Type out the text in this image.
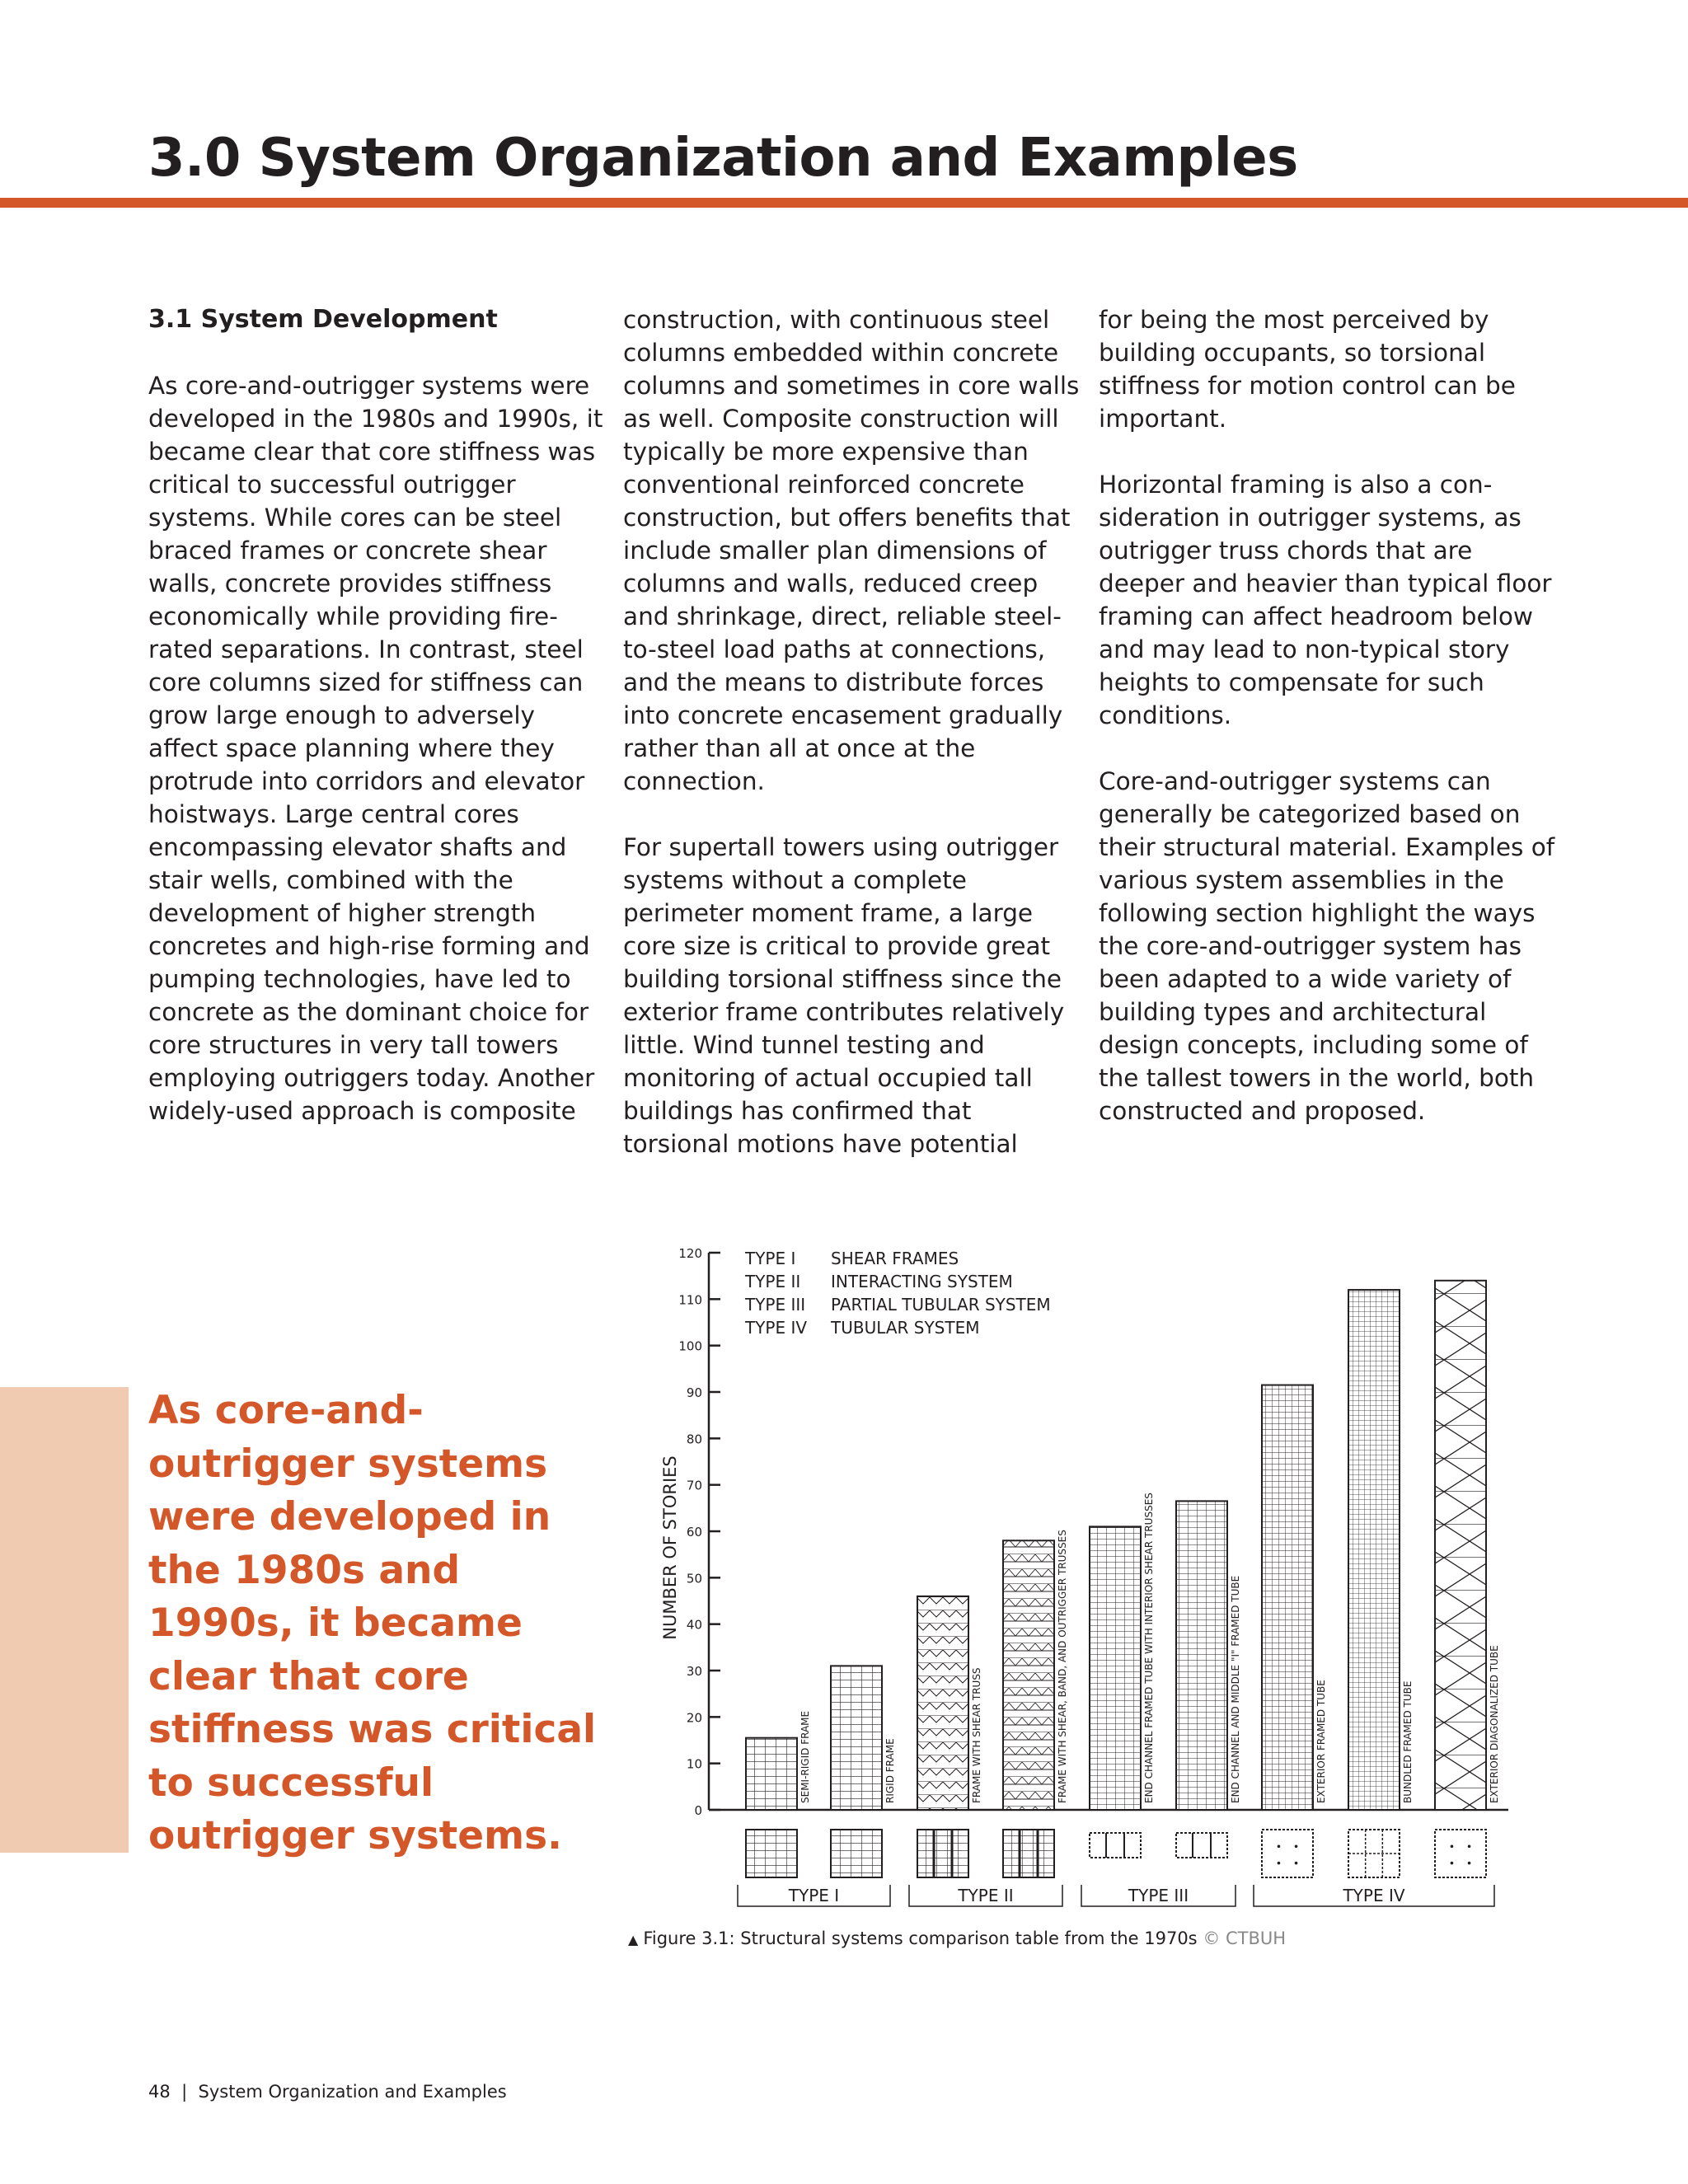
3.0 System Organization and Examples
3.1 System Development

As core-and-outrigger systems were developed in the 1980s and 1990s, it became clear that core stiffness was critical to successful outrigger systems. While cores can be steel braced frames or concrete shear walls, concrete provides stiffness economically while providing fire-rated separations. In contrast, steel core columns sized for stiffness can grow large enough to adversely affect space planning where they protrude into corridors and elevator hoistways. Large central cores encompassing elevator shafts and stair wells, combined with the development of higher strength concretes and high-rise forming and pumping technologies, have led to concrete as the dominant choice for core structures in very tall towers employing outriggers today. Another widely-used approach is composite

construction, with continuous steel columns embedded within concrete columns and sometimes in core walls as well. Composite construction will typically be more expensive than conventional reinforced concrete construction, but offers benefits that include smaller plan dimensions of columns and walls, reduced creep and shrinkage, direct, reliable steel-to-steel load paths at connections, and the means to distribute forces into concrete encasement gradually rather than all at once at the connection.

For supertall towers using outrigger systems without a complete perimeter moment frame, a large core size is critical to provide great building torsional stiffness since the exterior frame contributes relatively little. Wind tunnel testing and monitoring of actual occupied tall buildings has confirmed that torsional motions have potential

for being the most perceived by building occupants, so torsional stiffness for motion control can be important.

Horizontal framing is also a consideration in outrigger systems, as outrigger truss chords that are deeper and heavier than typical floor framing can affect headroom below and may lead to non-typical story heights to compensate for such conditions.

Core-and-outrigger systems can generally be categorized based on their structural material. Examples of various system assemblies in the following section highlight the ways the core-and-outrigger system has been adapted to a wide variety of building types and architectural design concepts, including some of the tallest towers in the world, both constructed and proposed.

As core-and-outrigger systems were developed in the 1980s and 1990s, it became clear that core stiffness was critical to successful outrigger systems.
TYPE I SHEAR FRAMES
TYPE II INTERACTING SYSTEM
TYPE III PARTIAL TUBULAR SYSTEM
TYPE IV TUBULAR SYSTEM
0
10
20
30
40
50
60
70
80
90
100
110
120
NUMBER OF STORIES
SEMI-RIGID FRAME	RIGID FRAME	FRAME WITH SHEAR TRUSS	FRAME WITH SHEAR, BAND, AND OUTRIGGER TRUSSES	END CHANNEL FRAMED TUBE WITH INTERIOR SHEAR TRUSSES	END CHANNEL AND MIDDLE "I" FRAMED TUBE	EXTERIOR FRAMED TUBE	BUNDLED FRAMED TUBE	EXTERIOR DIAGONALIZED TUBE
TYPE I	TYPE II	TYPE III	TYPE IV
▲ Figure 3.1: Structural systems comparison table from the 1970s © CTBUH
48 | System Organization and Examples
